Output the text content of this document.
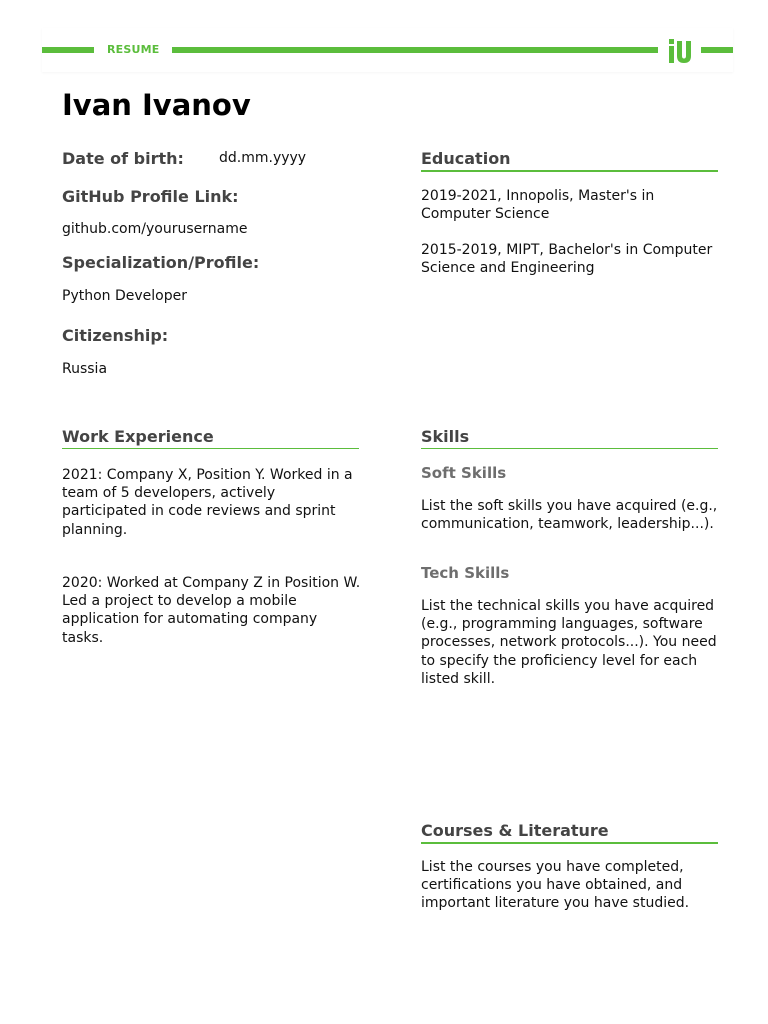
RESUME
Ivan Ivanov
Date of birth:	dd.mm.yyyy
GitHub Profile Link:
github.com/yourusername
Specialization/Profile:
Python Developer
Citizenship:
Russia
Education
2019-2021, Innopolis, Master's in Computer Science
2015-2019, MIPT, Bachelor's in Computer Science and Engineering
Work Experience
2021: Company X, Position Y. Worked in a team of 5 developers, actively participated in code reviews and sprint planning.
2020: Worked at Company Z in Position W. Led a project to develop a mobile application for automating company tasks.
Skills
Soft Skills
List the soft skills you have acquired (e.g., communication, teamwork, leadership...).
Tech Skills
List the technical skills you have acquired (e.g., programming languages, software processes, network protocols...). You need to specify the proficiency level for each listed skill.
Courses & Literature
List the courses you have completed, certifications you have obtained, and important literature you have studied.
